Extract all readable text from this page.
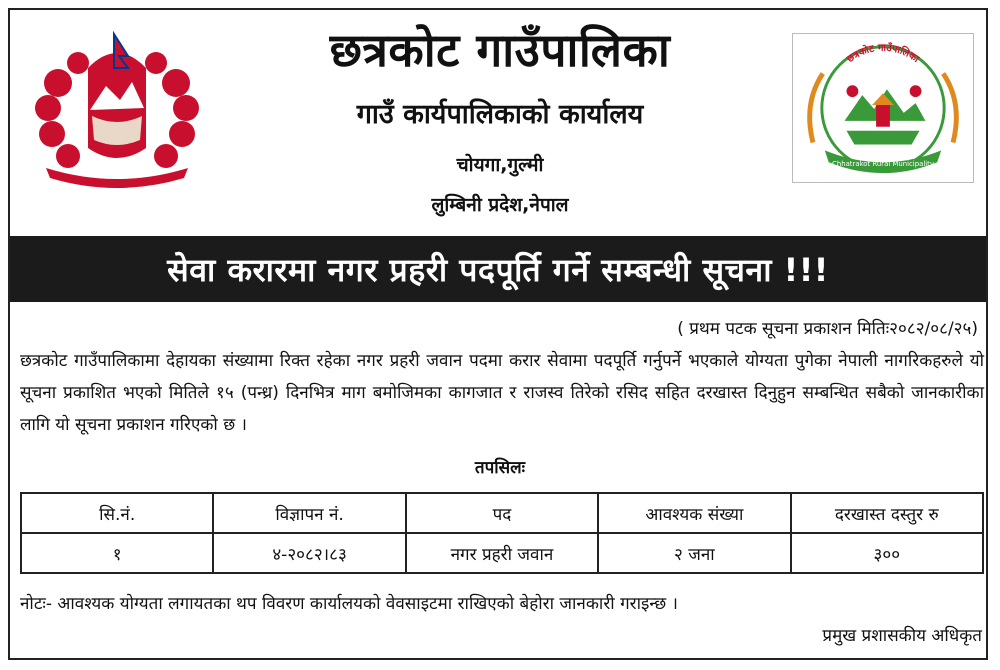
छत्रकोट गाउँपालिका
गाउँ कार्यपालिकाको कार्यालय
चोयगा,गुल्मी
लुम्बिनी प्रदेश,नेपाल
छत्रकोट गाउँपालिका
Chhatrakot Rural Municipality
सेवा करारमा नगर प्रहरी पदपूर्ति गर्ने सम्बन्धी सूचना !!!
( प्रथम पटक सूचना प्रकाशन मितिः२०८२/०८/२५)
छत्रकोट गाउँपालिकामा देहायका संख्यामा रिक्त रहेका नगर प्रहरी जवान पदमा करार सेवामा पदपूर्ति गर्नुपर्ने भएकाले योग्यता पुगेका नेपाली नागरिकहरुले यो सूचना प्रकाशित भएको मितिले १५ (पन्ध्र) दिनभित्र माग बमोजिमका कागजात र राजस्व तिरेको रसिद सहित दरखास्त दिनुहुन सम्बन्धित सबैको जानकारीका लागि यो सूचना प्रकाशन गरिएको छ ।
तपसिलः
सि.नं.	विज्ञापन नं.	पद	आवश्यक संख्या	दरखास्त दस्तुर रु
१	४-२०८२।८३	नगर प्रहरी जवान	२ जना	३००
नोटः- आवश्यक योग्यता लगायतका थप विवरण कार्यालयको वेवसाइटमा राखिएको बेहोरा जानकारी गराइन्छ ।
प्रमुख प्रशासकीय अधिकृत
